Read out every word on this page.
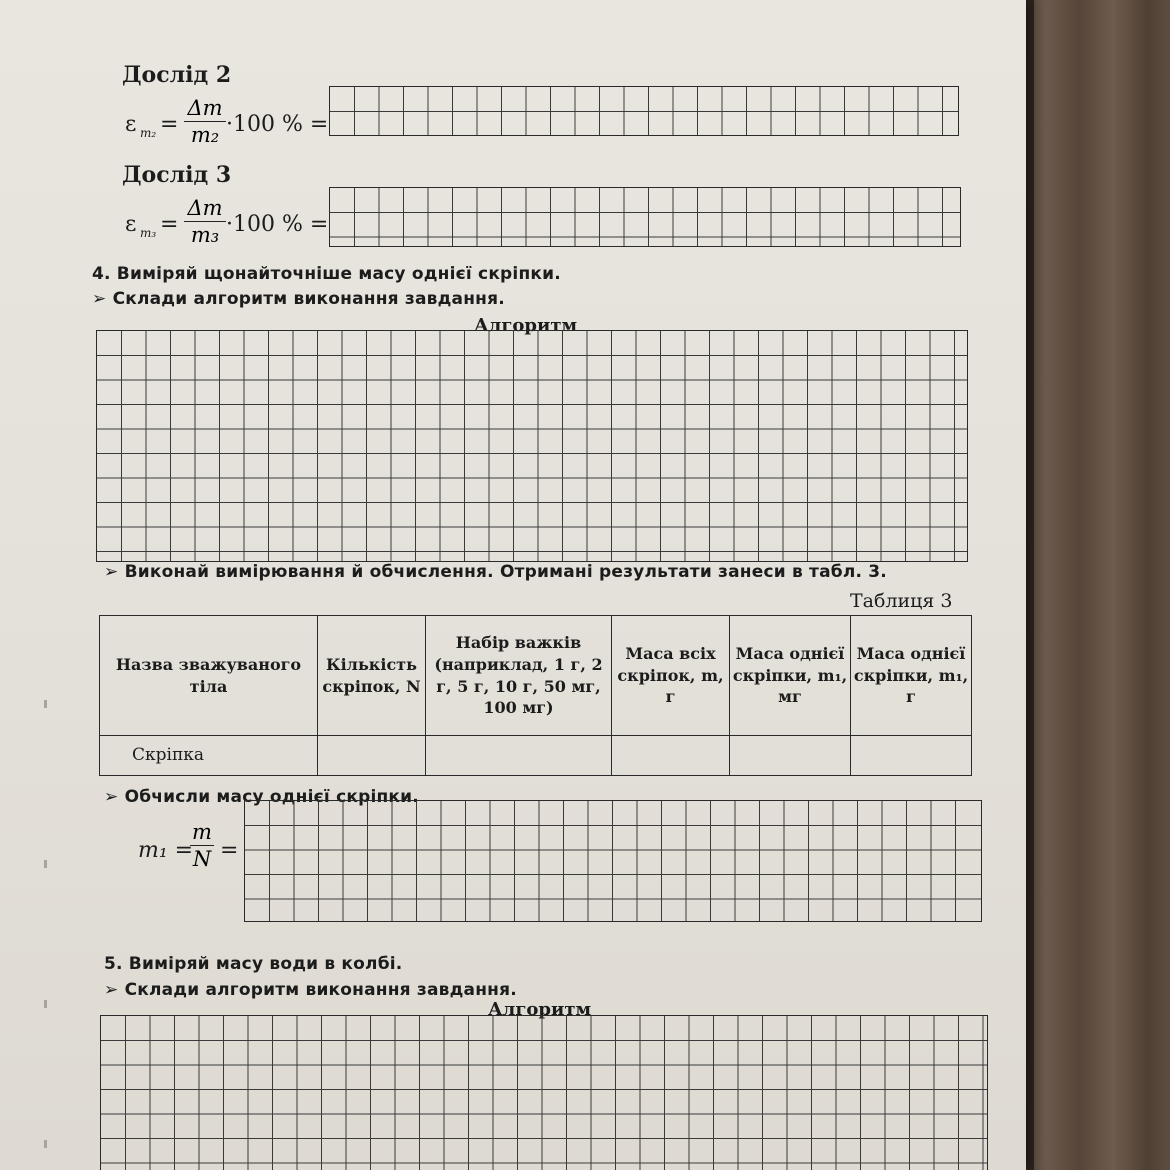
Дослід 2
ε m₂ =
Δm
m₂ ·100 % =
Дослід 3
ε m₃ =
Δm
m₃ ·100 % =
4. Виміряй щонайточніше масу однієї скріпки.
➢ Склади алгоритм виконання завдання.
Алгоритм
➢ Виконай вимірювання й обчислення. Отримані результати занеси в табл. 3.
Таблиця 3
Назва зважуваного тіла	Кількість скріпок, N	Набір важків (наприклад, 1 г, 2 г, 5 г, 10 г, 50 мг, 100 мг)	Маса всіх скріпок, m, г	Маса однієї скріпки, m₁, мг	Маса однієї скріпки, m₁, г
Скріпка					
➢ Обчисли масу однієї скріпки.
m₁ =
m
N =
5. Виміряй масу води в колбі.
➢ Склади алгоритм виконання завдання.
Алгоритм
